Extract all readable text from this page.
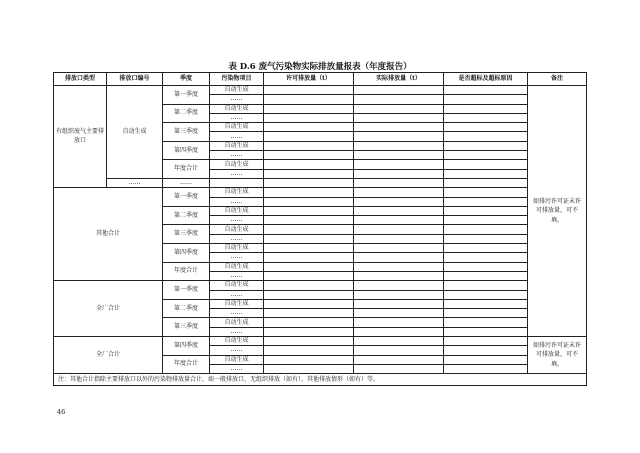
表 D.6 废气污染物实际排放量报表（年度报告）
排放口类型	排放口编号	季度	污染物项目	许可排放量（t）	实际排放量（t）	是否超标及超标原因	备注
有组织废气主要排放口	自动生成	第一季度	自动生成				如排污许可证未许可排放量，可不填。
			……				
		第二季度	自动生成				
			……				
		第三季度	自动生成				
			……				
		第四季度	自动生成				
			……				
		年度合计	自动生成				
			……				
	……	……					
其他合计		第一季度	自动生成				
			……				
		第二季度	自动生成				
			……				
		第三季度	自动生成				
			……				
		第四季度	自动生成				
			……				
		年度合计	自动生成				
			……				
全厂合计		第一季度	自动生成				
			……				
		第二季度	自动生成				
			……				
		第三季度	自动生成				
			……				
全厂合计		第四季度	自动生成				如排污许可证未许可排放量，可不填。
			……				
		年度合计	自动生成				
			……				
注：其他合计指除主要排放口以外的污染物排放量合计，如一般排放口、无组织排放（如有）、其他排放情形（如有）等。							
46
